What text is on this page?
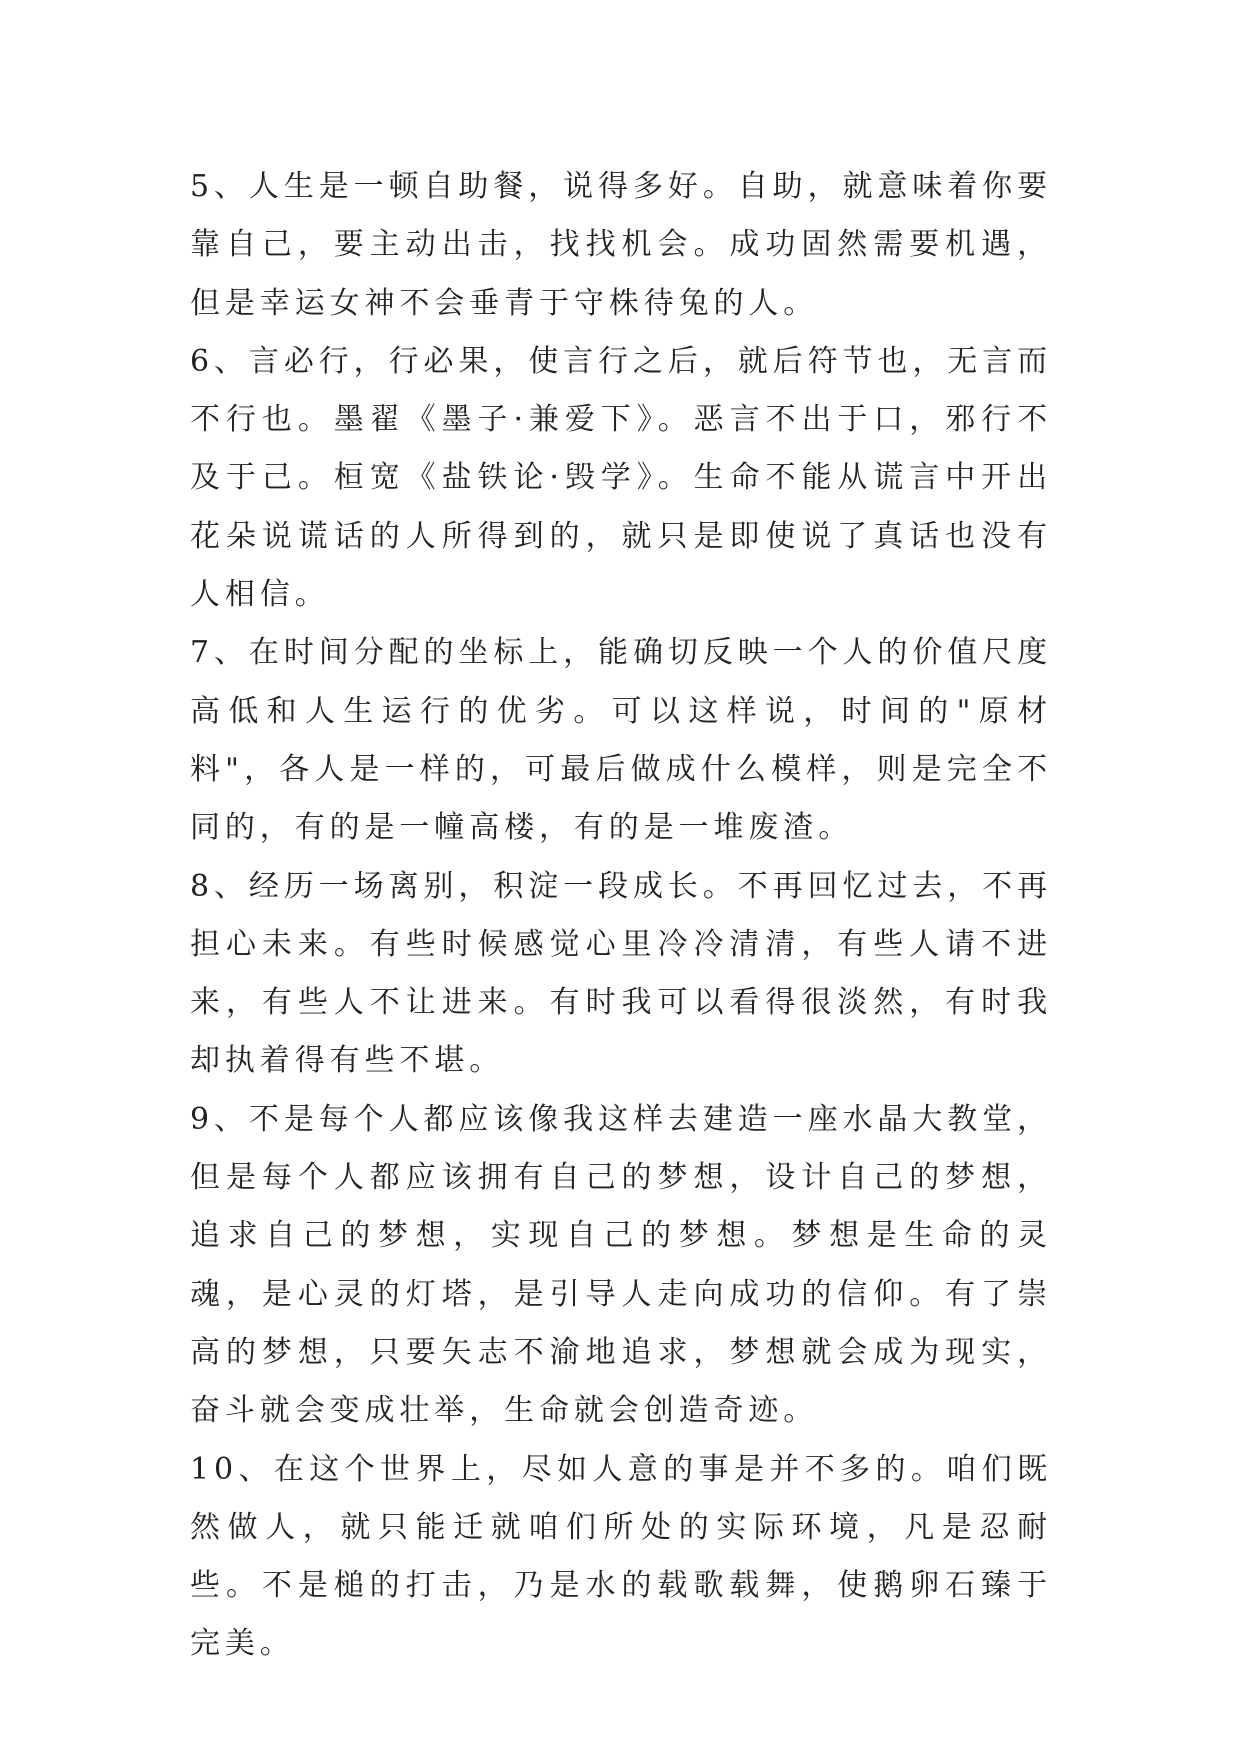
5、人生是一顿自助餐，说得多好。自助，就意味着你要靠自己，要主动出击，找找机会。成功固然需要机遇，但是幸运女神不会垂青于守株待兔的人。

6、言必行，行必果，使言行之后，就后符节也，无言而不行也。墨翟《墨子·兼爱下》。恶言不出于口，邪行不及于己。桓宽《盐铁论·毁学》。生命不能从谎言中开出花朵说谎话的人所得到的，就只是即使说了真话也没有人相信。

7、在时间分配的坐标上，能确切反映一个人的价值尺度高低和人生运行的优劣。可以这样说，时间的"原材料"，各人是一样的，可最后做成什么模样，则是完全不同的，有的是一幢高楼，有的是一堆废渣。

8、经历一场离别，积淀一段成长。不再回忆过去，不再担心未来。有些时候感觉心里冷冷清清，有些人请不进来，有些人不让进来。有时我可以看得很淡然，有时我却执着得有些不堪。

9、不是每个人都应该像我这样去建造一座水晶大教堂，但是每个人都应该拥有自己的梦想，设计自己的梦想，追求自己的梦想，实现自己的梦想。梦想是生命的灵魂，是心灵的灯塔，是引导人走向成功的信仰。有了崇高的梦想，只要矢志不渝地追求，梦想就会成为现实，奋斗就会变成壮举，生命就会创造奇迹。

10、在这个世界上，尽如人意的事是并不多的。咱们既然做人，就只能迁就咱们所处的实际环境，凡是忍耐些。不是槌的打击，乃是水的载歌载舞，使鹅卵石臻于完美。
